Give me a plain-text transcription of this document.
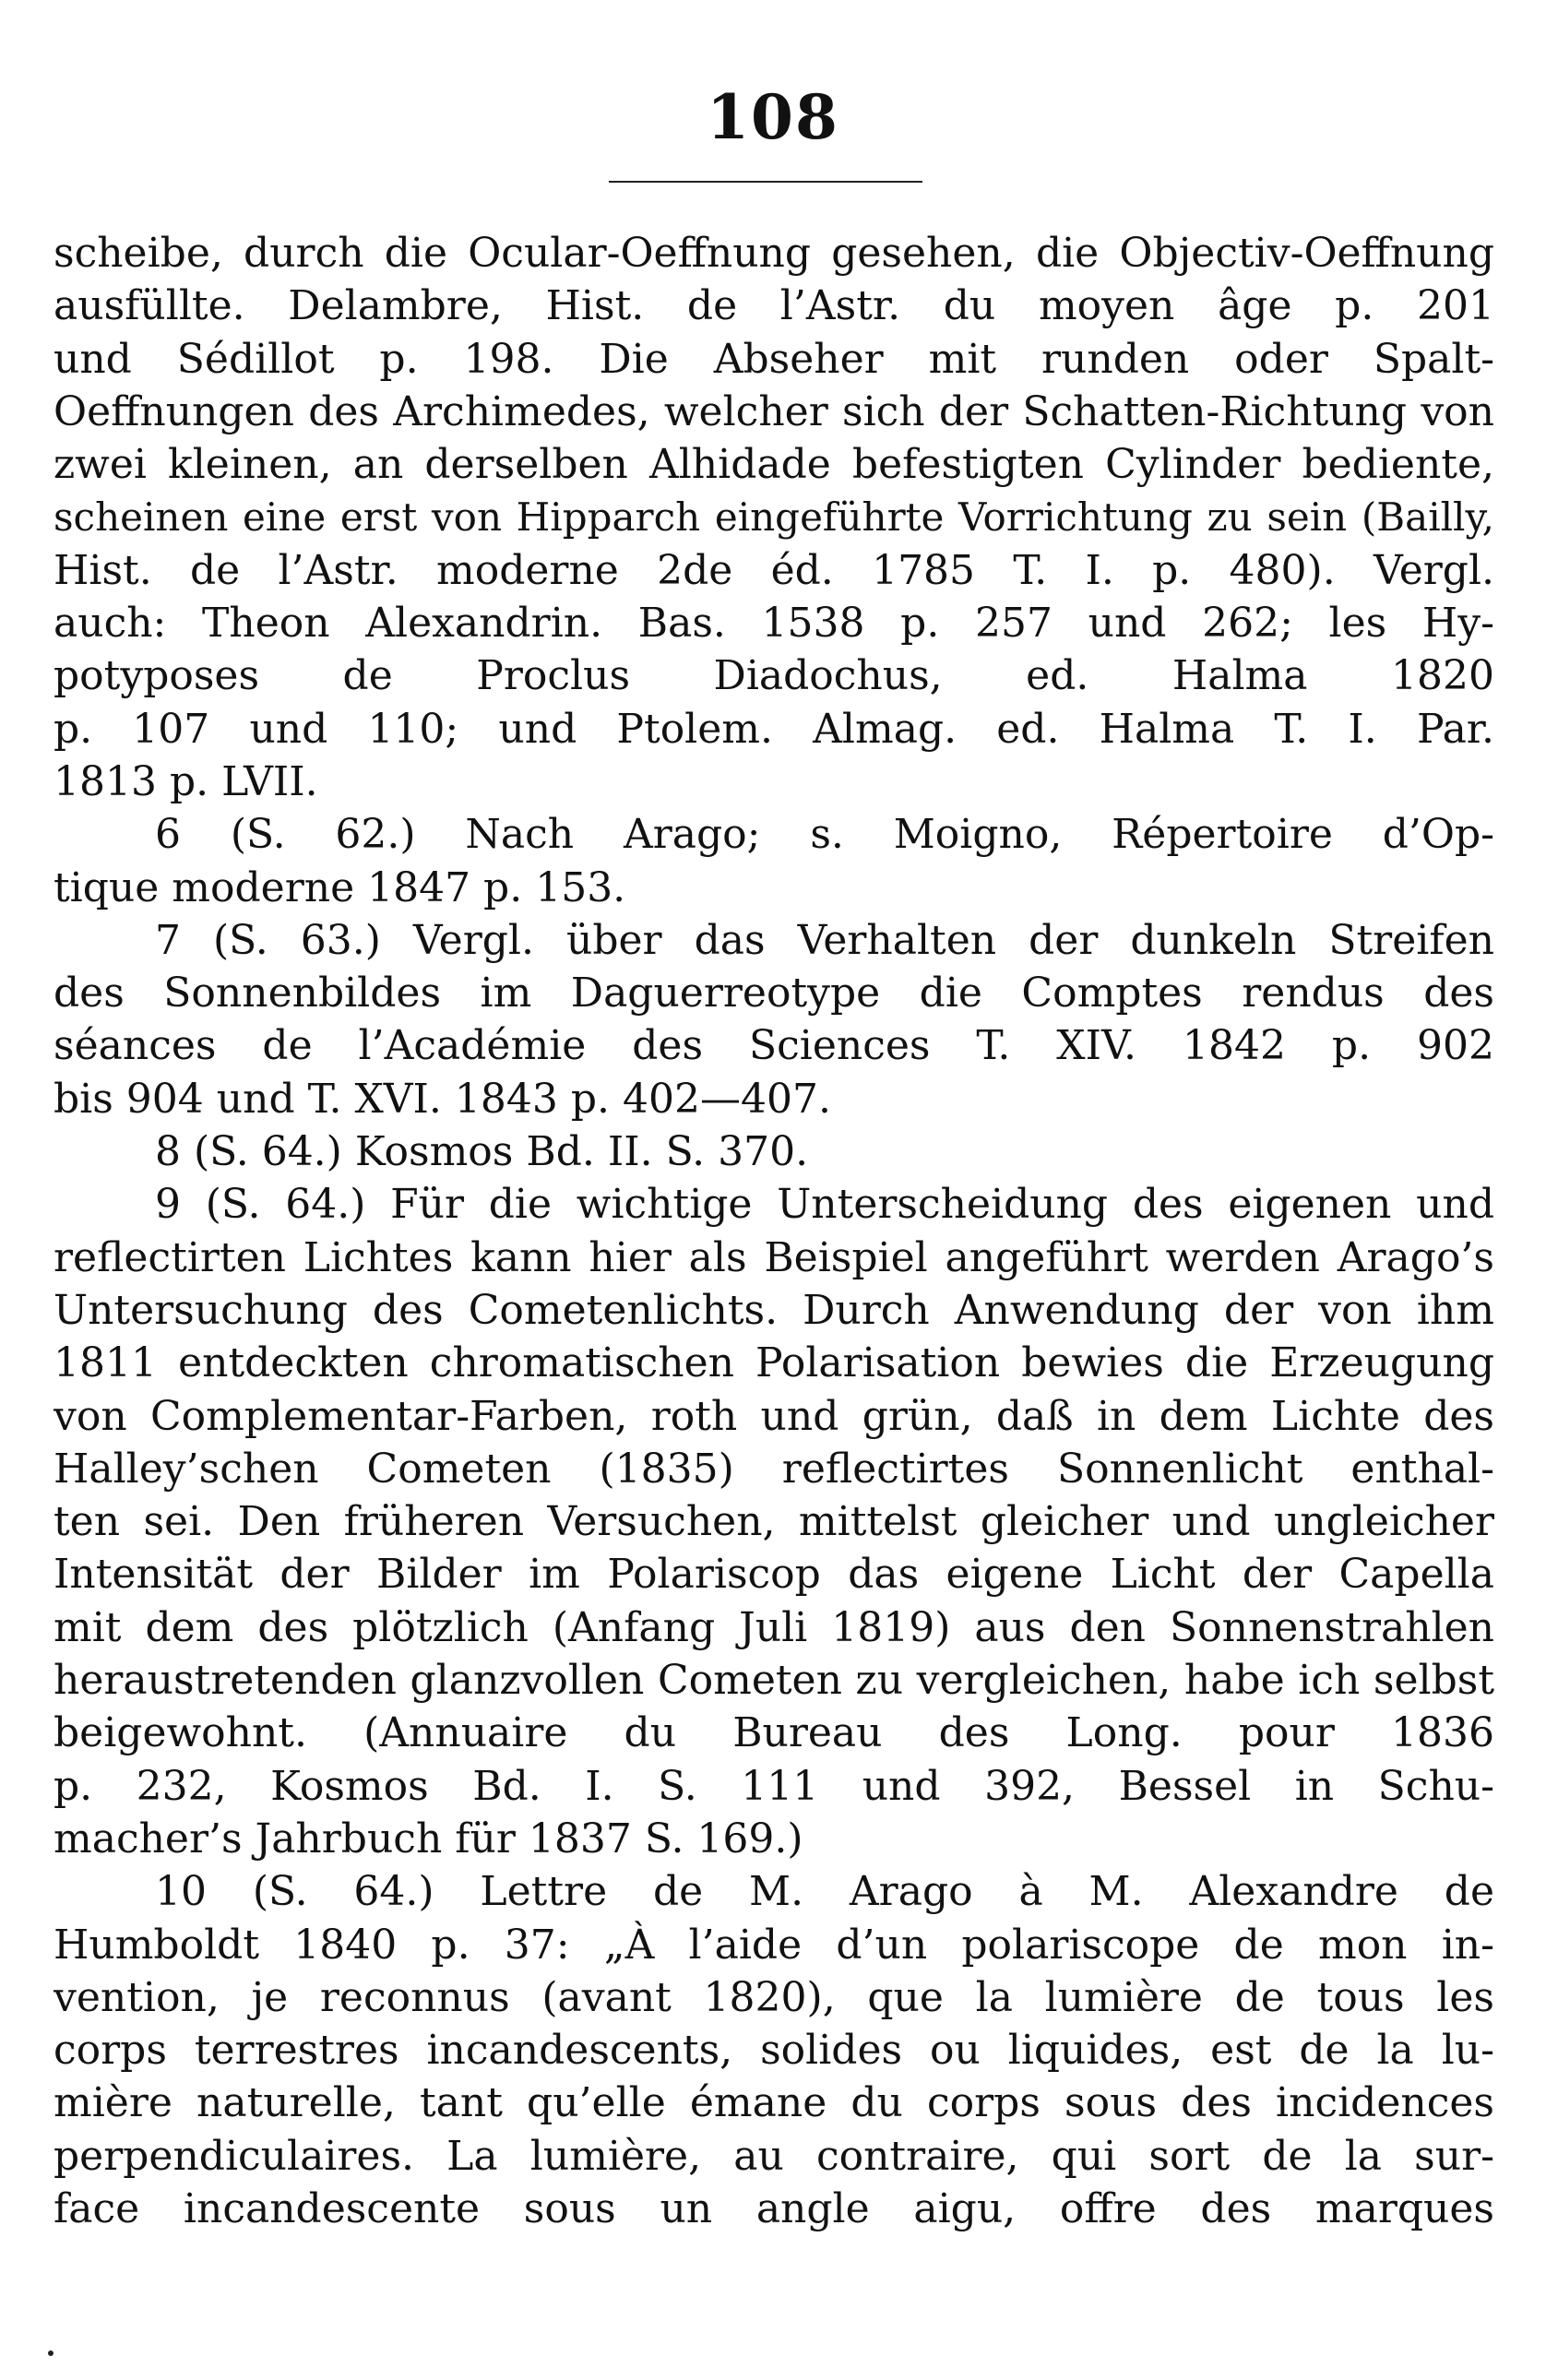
108
scheibe, durch die Ocular-Oeffnung gesehen, die Objectiv-Oeffnung
ausfüllte. Delambre, Hist. de l’Astr. du moyen âge p. 201
und Sédillot p. 198. Die Abseher mit runden oder Spalt-
Oeffnungen des Archimedes, welcher sich der Schatten-Richtung von
zwei kleinen, an derselben Alhidade befestigten Cylinder bediente,
scheinen eine erst von Hipparch eingeführte Vorrichtung zu sein (Bailly,
Hist. de l’Astr. moderne 2de éd. 1785 T. I. p. 480). Vergl.
auch: Theon Alexandrin. Bas. 1538 p. 257 und 262; les Hy-
potyposes de Proclus Diadochus, ed. Halma 1820
p. 107 und 110; und Ptolem. Almag. ed. Halma T. I. Par.
1813 p. LVII.
6 (S. 62.) Nach Arago; s. Moigno, Répertoire d’Op-
tique moderne 1847 p. 153.
7 (S. 63.) Vergl. über das Verhalten der dunkeln Streifen
des Sonnenbildes im Daguerreotype die Comptes rendus des
séances de l’Académie des Sciences T. XIV. 1842 p. 902
bis 904 und T. XVI. 1843 p. 402—407.
8 (S. 64.) Kosmos Bd. II. S. 370.
9 (S. 64.) Für die wichtige Unterscheidung des eigenen und
reflectirten Lichtes kann hier als Beispiel angeführt werden Arago’s
Untersuchung des Cometenlichts. Durch Anwendung der von ihm
1811 entdeckten chromatischen Polarisation bewies die Erzeugung
von Complementar-Farben, roth und grün, daß in dem Lichte des
Halley’schen Cometen (1835) reflectirtes Sonnenlicht enthal-
ten sei. Den früheren Versuchen, mittelst gleicher und ungleicher
Intensität der Bilder im Polariscop das eigene Licht der Capella
mit dem des plötzlich (Anfang Juli 1819) aus den Sonnenstrahlen
heraustretenden glanzvollen Cometen zu vergleichen, habe ich selbst
beigewohnt. (Annuaire du Bureau des Long. pour 1836
p. 232, Kosmos Bd. I. S. 111 und 392, Bessel in Schu-
macher’s Jahrbuch für 1837 S. 169.)
10 (S. 64.) Lettre de M. Arago à M. Alexandre de
Humboldt 1840 p. 37: „À l’aide d’un polariscope de mon in-
vention, je reconnus (avant 1820), que la lumière de tous les
corps terrestres incandescents, solides ou liquides, est de la lu-
mière naturelle, tant qu’elle émane du corps sous des incidences
perpendiculaires. La lumière, au contraire, qui sort de la sur-
face incandescente sous un angle aigu, offre des marques
